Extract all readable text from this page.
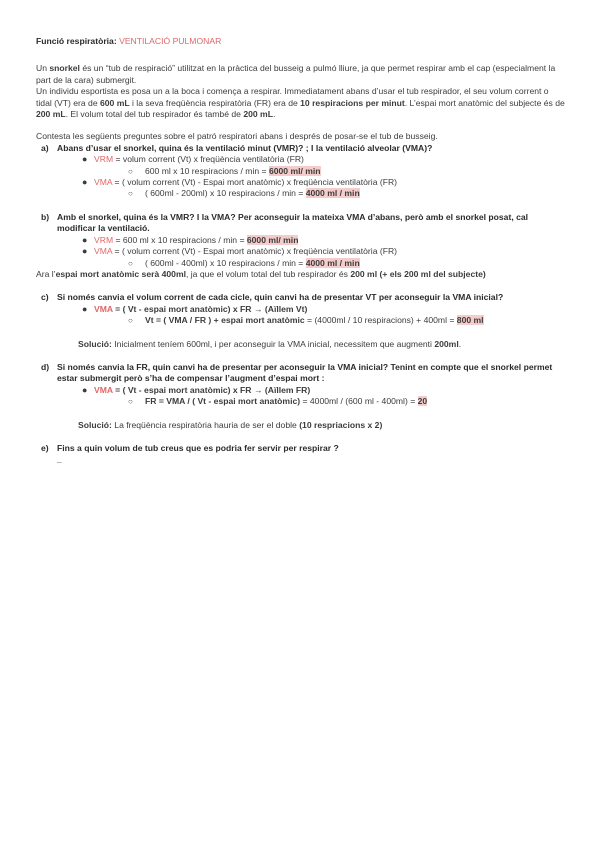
Funció respiratòria: VENTILACIÓ PULMONAR

Un snorkel és un “tub de respiració” utilitzat en la pràctica del busseig a pulmó lliure, ja que permet respirar amb el cap (especialment la part de la cara) submergit.

Un individu esportista es posa un a la boca i comença a respirar. Immediatament abans d’usar el tub respirador, el seu volum corrent o tidal (VT) era de 600 mL i la seva freqüència respiratòria (FR) era de 10 respiracions per minut. L’espai mort anatòmic del subjecte és de 200 mL. El volum total del tub respirador és també de 200 mL.

Contesta les següents preguntes sobre el patró respiratori abans i després de posar-se el tub de busseig.

a) Abans d’usar el snorkel, quina és la ventilació minut (VMR)? ; I la ventilació alveolar (VMA)?
● VRM = volum corrent (Vt) x freqüència ventilatòria (FR)
○ 600 ml x 10 respiracions / min = 6000 ml/ min
● VMA = ( volum corrent (Vt) - Espai mort anatòmic) x freqüència ventilatòria (FR)
○ ( 600ml - 200ml) x 10 respiracions / min = 4000 ml / min
b) Amb el snorkel, quina és la VMR? I la VMA? Per aconseguir la mateixa VMA d’abans, però amb el snorkel posat, cal modificar la ventilació.
● VRM = 600 ml x 10 respiracions / min = 6000 ml/ min
● VMA = ( volum corrent (Vt) - Espai mort anatòmic) x freqüència ventilatòria (FR)
○ ( 600ml - 400ml) x 10 respiracions / min = 4000 ml / min

Ara l’espai mort anatòmic serà 400ml, ja que el volum total del tub respirador és 200 ml (+ els 200 ml del subjecte)

c) Si només canvia el volum corrent de cada cicle, quin canvi ha de presentar VT per aconseguir la VMA inicial?
● VMA = ( Vt - espai mort anatòmic) x FR → (Aïllem Vt)
○ Vt = ( VMA / FR ) + espai mort anatòmic = (4000ml / 10 respiracions) + 400ml = 800 ml

Solució: Inicialment teníem 600ml, i per aconseguir la VMA inicial, necessitem que augmenti 200ml.

d) Si només canvia la FR, quin canvi ha de presentar per aconseguir la VMA inicial? Tenint en compte que el snorkel permet estar submergit però s’ha de compensar l’augment d’espai mort :
● VMA = ( Vt - espai mort anatòmic) x FR → (Aïllem FR)
○ FR = VMA / ( Vt - espai mort anatòmic) = 4000ml / (600 ml - 400ml) = 20

Solució: La freqüència respiratòria hauria de ser el doble (10 respriacions x 2)

e) Fins a quin volum de tub creus que es podria fer servir per respirar ?
_
